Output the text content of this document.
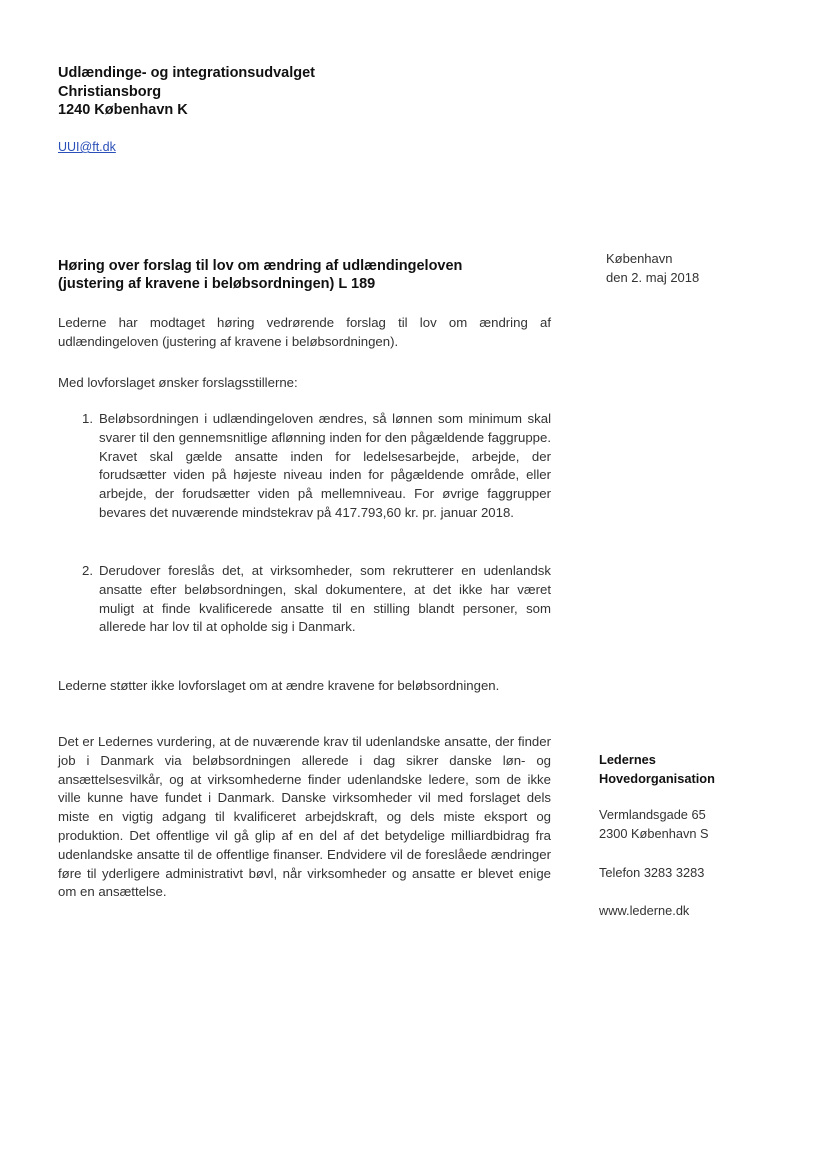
Udlændinge- og integrationsudvalget
Christiansborg
1240 København K
UUI@ft.dk
København
den 2. maj 2018
Høring over forslag til lov om ændring af udlændingeloven
(justering af kravene i beløbsordningen) L 189
Lederne har modtaget høring vedrørende forslag til lov om ændring af udlændingeloven (justering af kravene i beløbsordningen).
Med lovforslaget ønsker forslagsstillerne:
1. Beløbsordningen i udlændingeloven ændres, så lønnen som minimum skal svarer til den gennemsnitlige aflønning inden for den pågældende faggruppe. Kravet skal gælde ansatte inden for ledelsesarbejde, arbejde, der forudsætter viden på højeste niveau inden for pågældende område, eller arbejde, der forudsætter viden på mellemniveau. For øvrige faggrupper bevares det nuværende mindstekrav på 417.793,60 kr. pr. januar 2018.
2. Derudover foreslås det, at virksomheder, som rekrutterer en udenlandsk ansatte efter beløbsordningen, skal dokumentere, at det ikke har været muligt at finde kvalificerede ansatte til en stilling blandt personer, som allerede har lov til at opholde sig i Danmark.
Lederne støtter ikke lovforslaget om at ændre kravene for beløbsordningen.
Det er Ledernes vurdering, at de nuværende krav til udenlandske ansatte, der finder job i Danmark via beløbsordningen allerede i dag sikrer danske løn- og ansættelsesvilkår, og at virksomhederne finder udenlandske ledere, som de ikke ville kunne have fundet i Danmark. Danske virksomheder vil med forslaget dels miste en vigtig adgang til kvalificeret arbejdskraft, og dels miste eksport og produktion. Det offentlige vil gå glip af en del af det betydelige milliardbidrag fra udenlandske ansatte til de offentlige finanser. Endvidere vil de foreslåede ændringer føre til yderligere administrativt bøvl, når virksomheder og ansatte er blevet enige om en ansættelse.
Ledernes
Hovedorganisation
Vermlandsgade 65
2300 København S
Telefon 3283 3283
www.lederne.dk
